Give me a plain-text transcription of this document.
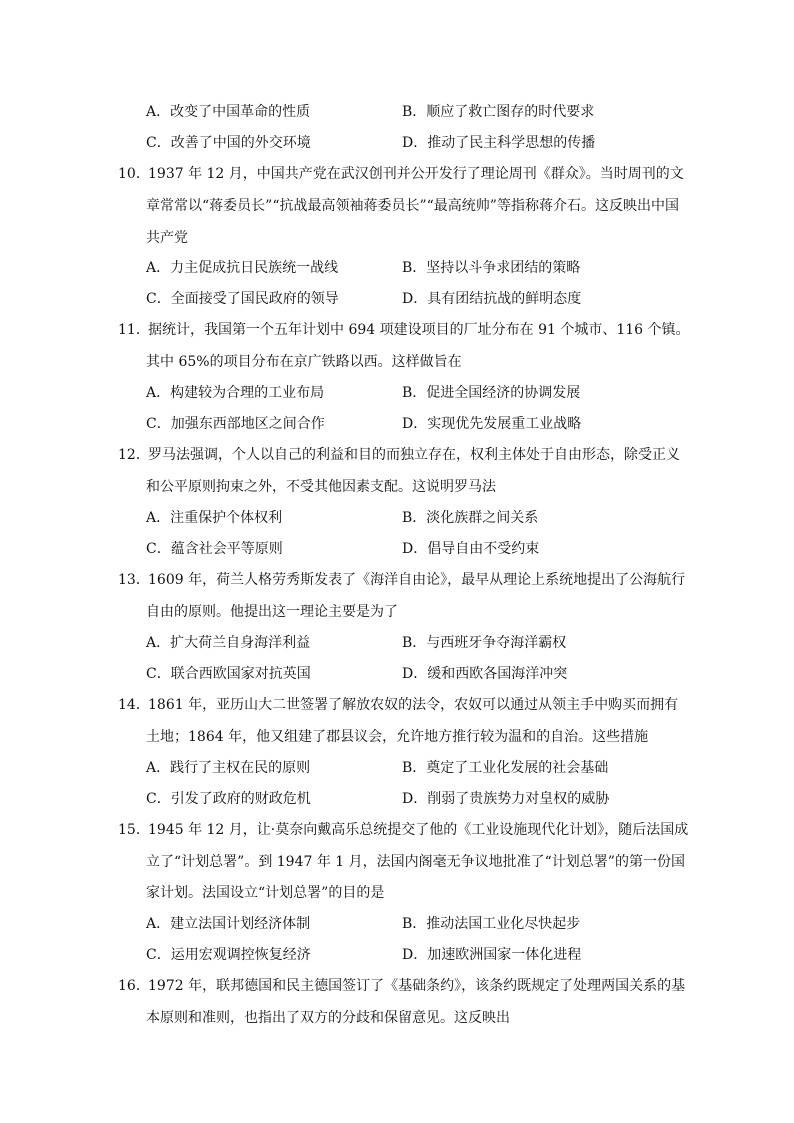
A．改变了中国革命的性质	B．顺应了救亡图存的时代要求
C．改善了中国的外交环境	D．推动了民主科学思想的传播
10．
1937 年 12 月，中国共产党在武汉创刊并公开发行了理论周刊《群众》。当时周刊的文
章常常以“蒋委员长”“抗战最高领袖蒋委员长”“最高统帅”等指称蒋介石。这反映出中国
共产党
A．力主促成抗日民族统一战线	B．坚持以斗争求团结的策略
C．全面接受了国民政府的领导	D．具有团结抗战的鲜明态度
11．
据统计，我国第一个五年计划中 694 项建设项目的厂址分布在 91 个城市、116 个镇。
其中 65%的项目分布在京广铁路以西。这样做旨在
A．构建较为合理的工业布局	B．促进全国经济的协调发展
C．加强东西部地区之间合作	D．实现优先发展重工业战略
12．
罗马法强调，个人以自己的利益和目的而独立存在，权利主体处于自由形态，除受正义
和公平原则拘束之外，不受其他因素支配。这说明罗马法
A．注重保护个体权利	B．淡化族群之间关系
C．蕴含社会平等原则	D．倡导自由不受约束
13．
1609 年，荷兰人格劳秀斯发表了《海洋自由论》，最早从理论上系统地提出了公海航行
自由的原则。他提出这一理论主要是为了
A．扩大荷兰自身海洋利益	B．与西班牙争夺海洋霸权
C．联合西欧国家对抗英国	D．缓和西欧各国海洋冲突
14．
1861 年，亚历山大二世签署了解放农奴的法令，农奴可以通过从领主手中购买而拥有
土地；1864 年，他又组建了郡县议会，允许地方推行较为温和的自治。这些措施
A．践行了主权在民的原则	B．奠定了工业化发展的社会基础
C．引发了政府的财政危机	D．削弱了贵族势力对皇权的威胁
15．
1945 年 12 月，让·莫奈向戴高乐总统提交了他的《工业设施现代化计划》，随后法国成
立了“计划总署”。到 1947 年 1 月，法国内阁毫无争议地批准了“计划总署”的第一份国
家计划。法国设立“计划总署”的目的是
A．建立法国计划经济体制	B．推动法国工业化尽快起步
C．运用宏观调控恢复经济	D．加速欧洲国家一体化进程
16．
1972 年，联邦德国和民主德国签订了《基础条约》，该条约既规定了处理两国关系的基
本原则和准则，也指出了双方的分歧和保留意见。这反映出
